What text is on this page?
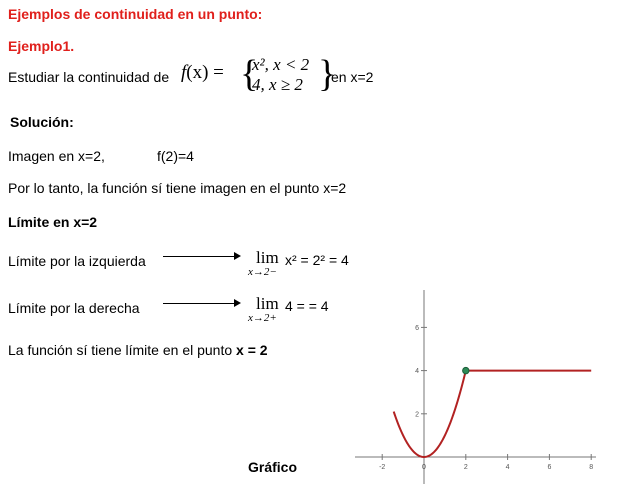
Ejemplos de continuidad en un punto:
Ejemplo1.
Estudiar la continuidad de f(x) = {
x², x < 2
4, x ≥ 2 }
en x=2
Solución:
Imagen en x=2,	f(2)=4
Por lo tanto, la función sí tiene imagen en el punto x=2
Límite en x=2
Límite por la izquierda	lim
x→2−
x² = 2² = 4
Límite por la derecha	lim
x→2+
4 = = 4
La función sí tiene límite en el punto x = 2
Gráfico	-2	0	2	4	6	8
2
4
6
